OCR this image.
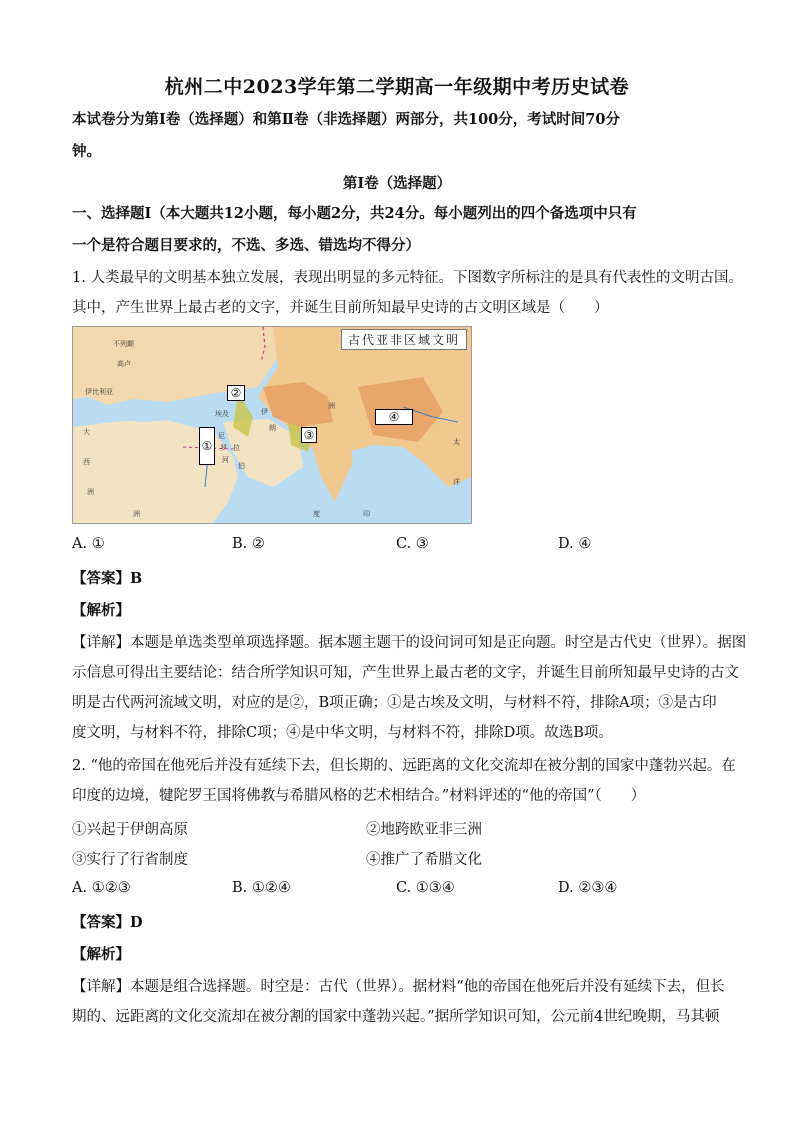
杭州二中2023学年第二学期高一年级期中考历史试卷
本试卷分为第Ⅰ卷（选择题）和第Ⅱ卷（非选择题）两部分，共100分，考试时间70分
钟。
第Ⅰ卷（选择题）
一、选择题Ⅰ（本大题共12小题，每小题2分，共24分。每小题列出的四个备选项中只有
一个是符合题目要求的，不选、多选、错选均不得分）
1. 人类最早的文明基本独立发展，表现出明显的多元特征。下图数字所标注的是具有代表性的文明古国。
其中，产生世界上最古老的文字，并诞生目前所知最早史诗的古文明区域是（　　）
古代亚非区域文明
①
②
③
④
不列颠
高卢
伊比利亚
大
西
洲
埃及
尼
罗
河
拉
伯
伊
朗
洲
太
洋
印
度
洲
A. ①	B. ②	C. ③	D. ④
【答案】B
【解析】
【详解】本题是单选类型单项选择题。据本题主题干的设问词可知是正向题。时空是古代史（世界）。据图
示信息可得出主要结论：结合所学知识可知，产生世界上最古老的文字，并诞生目前所知最早史诗的古文
明是古代两河流域文明，对应的是②，B项正确；①是古埃及文明，与材料不符，排除A项；③是古印
度文明，与材料不符，排除C项；④是中华文明，与材料不符，排除D项。故选B项。
2. “他的帝国在他死后并没有延续下去，但长期的、远距离的文化交流却在被分割的国家中蓬勃兴起。在
印度的边境，犍陀罗王国将佛教与希腊风格的艺术相结合。”材料评述的“他的帝国”（　　）
①兴起于伊朗高原	②地跨欧亚非三洲
③实行了行省制度	④推广了希腊文化
A. ①②③	B. ①②④	C. ①③④	D. ②③④
【答案】D
【解析】
【详解】本题是组合选择题。时空是：古代（世界）。据材料“他的帝国在他死后并没有延续下去，但长
期的、远距离的文化交流却在被分割的国家中蓬勃兴起。”据所学知识可知，公元前4世纪晚期，马其顿
